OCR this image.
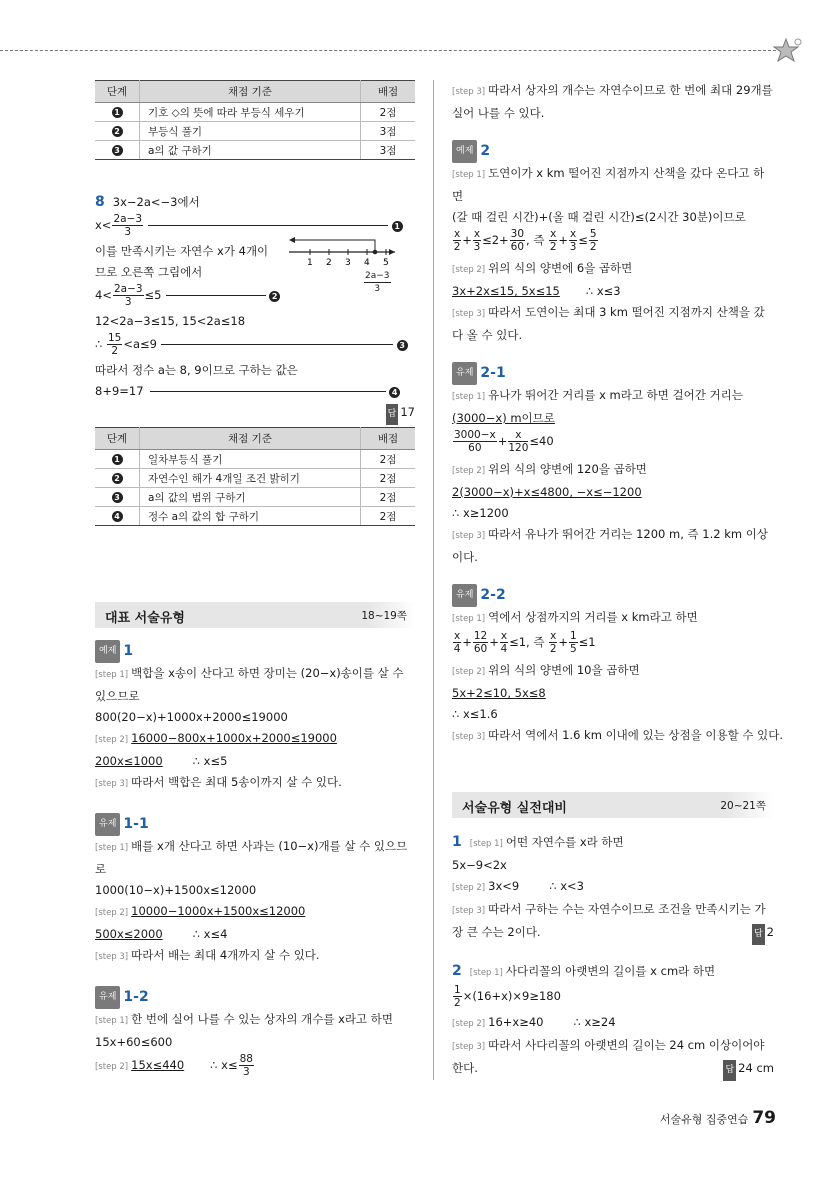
단계	채점 기준	배점
1	기호 ◇의 뜻에 따라 부등식 세우기	2점
2	부등식 풀기	3점
3	a의 값 구하기	3점
8 3x−2a<−3에서
$x< \frac{2a-3}{3}$	1
이를 만족시키는 자연수 x가 4개이
므로 오른쪽 그림에서
$4< \frac{2a-3}{3} \le 5$	2
12<2a−3≤15, 15<2a≤18
∴ $\frac{15}{2} <a\le 9$	3
따라서 정수 a는 8, 9이므로 구하는 값은
8+9=17	4
답 17
1 2 3 4 5
$\frac{2a-3}{3}$
단계	채점 기준	배점
1	일차부등식 풀기	2점
2	자연수인 해가 4개일 조건 밝히기	2점
3	a의 값의 범위 구하기	2점
4	정수 a의 값의 합 구하기	2점
대표 서술유형	18~19쪽
예제 1
[step 1] 백합을 x송이 산다고 하면 장미는 (20−x)송이를 살 수 있으므로
800(20−x)+1000x+2000≤19000
[step 2] 16000−800x+1000x+2000≤19000
200x≤1000	∴ x≤5
[step 3] 따라서 백합은 최대 5송이까지 살 수 있다.
유제 1-1
[step 1] 배를 x개 산다고 하면 사과는 (10−x)개를 살 수 있으므로
1000(10−x)+1500x≤12000
[step 2] 10000−1000x+1500x≤12000
500x≤2000	∴ x≤4
[step 3] 따라서 배는 최대 4개까지 살 수 있다.
유제 1-2
[step 1] 한 번에 실어 나를 수 있는 상자의 개수를 x라고 하면
15x+60≤600
[step 2] 15x≤440 ∴ $x\le \frac{88}{3}$
[step 3] 따라서 상자의 개수는 자연수이므로 한 번에 최대 29개를 실어 나를 수 있다.
예제 2
[step 1] 도연이가 x km 떨어진 지점까지 산책을 갔다 온다고 하면
(갈 때 걸린 시간)+(올 때 걸린 시간)≤(2시간 30분)이므로
$\frac{x}{2} + \frac{x}{3} \le 2+ \frac{30}{60}$ , 즉 $\frac{x}{2} + \frac{x}{3} \le \frac{5}{2}$
[step 2] 위의 식의 양변에 6을 곱하면
3x+2x≤15, 5x≤15 ∴ x≤3
[step 3] 따라서 도연이는 최대 3 km 떨어진 지점까지 산책을 갔다 올 수 있다.
유제 2-1
[step 1] 유나가 뛰어간 거리를 x m라고 하면 걸어간 거리는
(3000−x) m이므로
$\frac{3000-x}{60} + \frac{x}{120} \le 40$
[step 2] 위의 식의 양변에 120을 곱하면
2(3000−x)+x≤4800, −x≤−1200
∴ x≥1200
[step 3] 따라서 유나가 뛰어간 거리는 1200 m, 즉 1.2 km 이상이다.
유제 2-2
[step 1] 역에서 상점까지의 거리를 x km라고 하면
$\frac{x}{4} + \frac{12}{60} + \frac{x}{4} \le 1$, 즉 $\frac{x}{2} + \frac{1}{5} \le 1$
[step 2] 위의 식의 양변에 10을 곱하면
5x+2≤10, 5x≤8
∴ x≤1.6
[step 3] 따라서 역에서 1.6 km 이내에 있는 상점을 이용할 수 있다.
서술유형 실전대비	20~21쪽
1 [step 1] 어떤 자연수를 x라 하면
5x−9<2x
[step 2] 3x<9	∴ x<3
[step 3] 따라서 구하는 수는 자연수이므로 조건을 만족시키는 가장 큰 수는 2이다.	답 2
2 [step 1] 사다리꼴의 아랫변의 길이를 x cm라 하면
$\frac{1}{2} \times(16+x)\times 9\ge 180$
[step 2] 16+x≥40	∴ x≥24
[step 3] 따라서 사다리꼴의 아랫변의 길이는 24 cm 이상이어야 한다.	답 24 cm
서술유형 집중연습 79
